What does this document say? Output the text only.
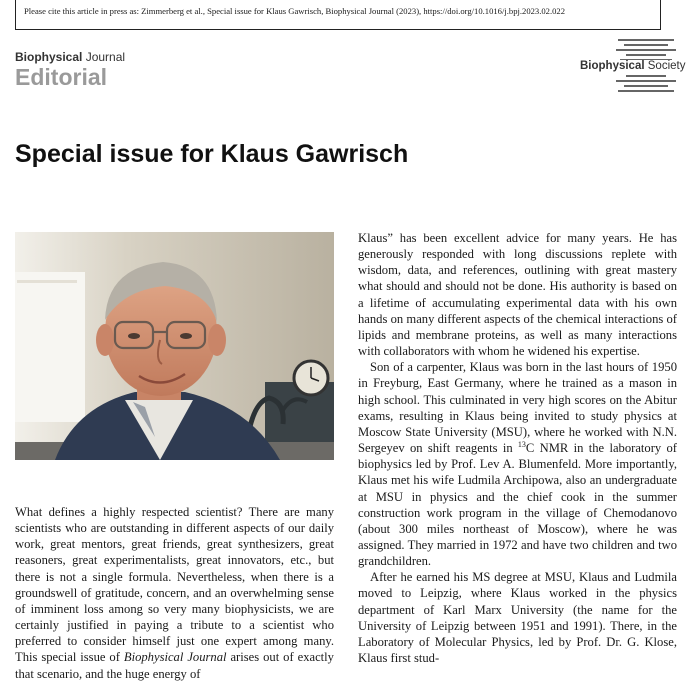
Please cite this article in press as: Zimmerberg et al., Special issue for Klaus Gawrisch, Biophysical Journal (2023), https://doi.org/10.1016/j.bpj.2023.02.022
Biophysical Journal
Editorial	Biophysical Society
Special issue for Klaus Gawrisch

What defines a highly respected scientist? There are many scientists who are outstanding in different aspects of our daily work, great mentors, great friends, great synthesizers, great reasoners, great experimentalists, great innovators, etc., but there is not a single formula. Nevertheless, when there is a groundswell of gratitude, concern, and an overwhelming sense of imminent loss among so very many biophysicists, we are certainly justified in paying a tribute to a scientist who preferred to consider himself just one expert among many. This special issue of Biophysical Journal arises out of exactly that scenario, and the huge energy of

Klaus” has been excellent advice for many years. He has generously responded with long discussions replete with wisdom, data, and references, outlining with great mastery what should and should not be done. His authority is based on a lifetime of accumulating experimental data with his own hands on many different aspects of the chemical interactions of lipids and membrane proteins, as well as many interactions with collaborators with whom he widened his expertise.

Son of a carpenter, Klaus was born in the last hours of 1950 in Freyburg, East Germany, where he trained as a mason in high school. This culminated in very high scores on the Abitur exams, resulting in Klaus being invited to study physics at Moscow State University (MSU), where he worked with N.N. Sergeyev on shift reagents in $^{13}$C NMR in the laboratory of biophysics led by Prof. Lev A. Blumenfeld. More importantly, Klaus met his wife Ludmila Archipowa, also an undergraduate at MSU in physics and the chief cook in the summer construction work program in the village of Chemodanovo (about 300 miles northeast of Moscow), where he was assigned. They married in 1972 and have two children and two grandchildren.

After he earned his MS degree at MSU, Klaus and Ludmila moved to Leipzig, where Klaus worked in the physics department of Karl Marx University (the name for the University of Leipzig between 1951 and 1991). There, in the Laboratory of Molecular Physics, led by Prof. Dr. G. Klose, Klaus first stud-
